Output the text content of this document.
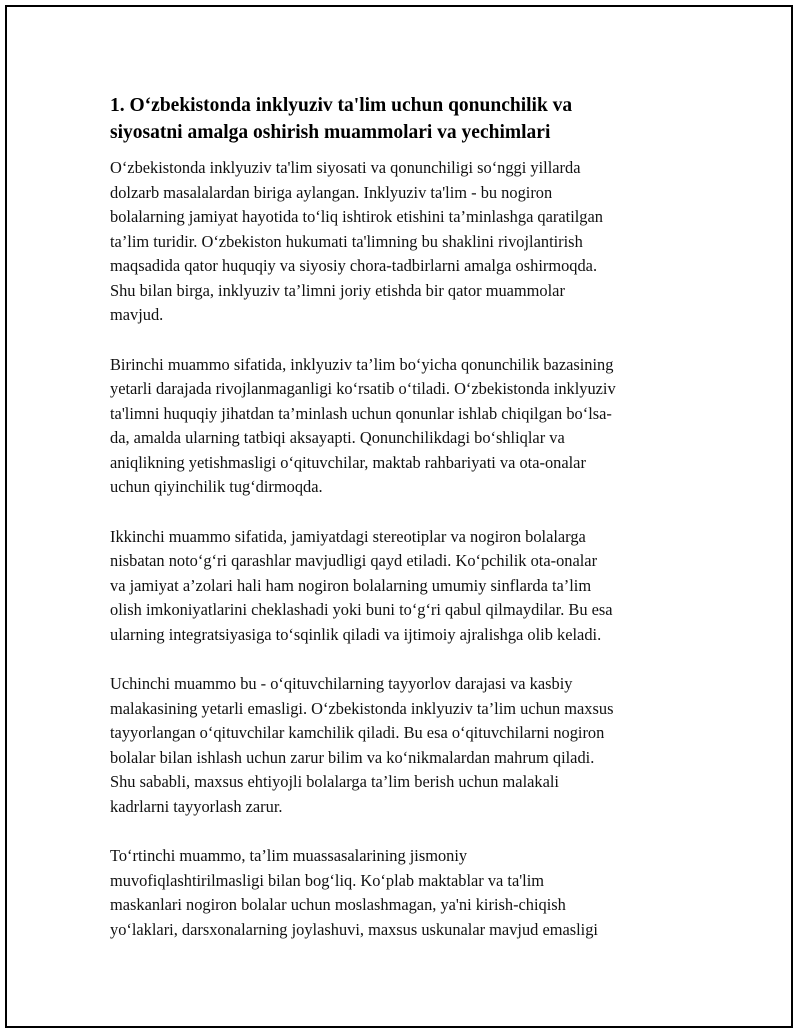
1. O‘zbekistonda inklyuziv ta'lim uchun qonunchilik va
siyosatni amalga oshirish muammolari va yechimlari

O‘zbekistonda inklyuziv ta'lim siyosati va qonunchiligi so‘nggi yillarda
dolzarb masalalardan biriga aylangan. Inklyuziv ta'lim - bu nogiron
bolalarning jamiyat hayotida to‘liq ishtirok etishini ta’minlashga qaratilgan
ta’lim turidir. O‘zbekiston hukumati ta'limning bu shaklini rivojlantirish
maqsadida qator huquqiy va siyosiy chora-tadbirlarni amalga oshirmoqda.
Shu bilan birga, inklyuziv ta’limni joriy etishda bir qator muammolar
mavjud.

Birinchi muammo sifatida, inklyuziv ta’lim bo‘yicha qonunchilik bazasining
yetarli darajada rivojlanmaganligi ko‘rsatib o‘tiladi. O‘zbekistonda inklyuziv
ta'limni huquqiy jihatdan ta’minlash uchun qonunlar ishlab chiqilgan bo‘lsa-
da, amalda ularning tatbiqi aksayapti. Qonunchilikdagi bo‘shliqlar va
aniqlikning yetishmasligi o‘qituvchilar, maktab rahbariyati va ota-onalar
uchun qiyinchilik tug‘dirmoqda.

Ikkinchi muammo sifatida, jamiyatdagi stereotiplar va nogiron bolalarga
nisbatan noto‘g‘ri qarashlar mavjudligi qayd etiladi. Ko‘pchilik ota-onalar
va jamiyat a’zolari hali ham nogiron bolalarning umumiy sinflarda ta’lim
olish imkoniyatlarini cheklashadi yoki buni to‘g‘ri qabul qilmaydilar. Bu esa
ularning integratsiyasiga to‘sqinlik qiladi va ijtimoiy ajralishga olib keladi.

Uchinchi muammo bu - o‘qituvchilarning tayyorlov darajasi va kasbiy
malakasining yetarli emasligi. O‘zbekistonda inklyuziv ta’lim uchun maxsus
tayyorlangan o‘qituvchilar kamchilik qiladi. Bu esa o‘qituvchilarni nogiron
bolalar bilan ishlash uchun zarur bilim va ko‘nikmalardan mahrum qiladi.
Shu sababli, maxsus ehtiyojli bolalarga ta’lim berish uchun malakali
kadrlarni tayyorlash zarur.

To‘rtinchi muammo, ta’lim muassasalarining jismoniy
muvofiqlashtirilmasligi bilan bog‘liq. Ko‘plab maktablar va ta'lim
maskanlari nogiron bolalar uchun moslashmagan, ya'ni kirish-chiqish
yo‘laklari, darsxonalarning joylashuvi, maxsus uskunalar mavjud emasligi
